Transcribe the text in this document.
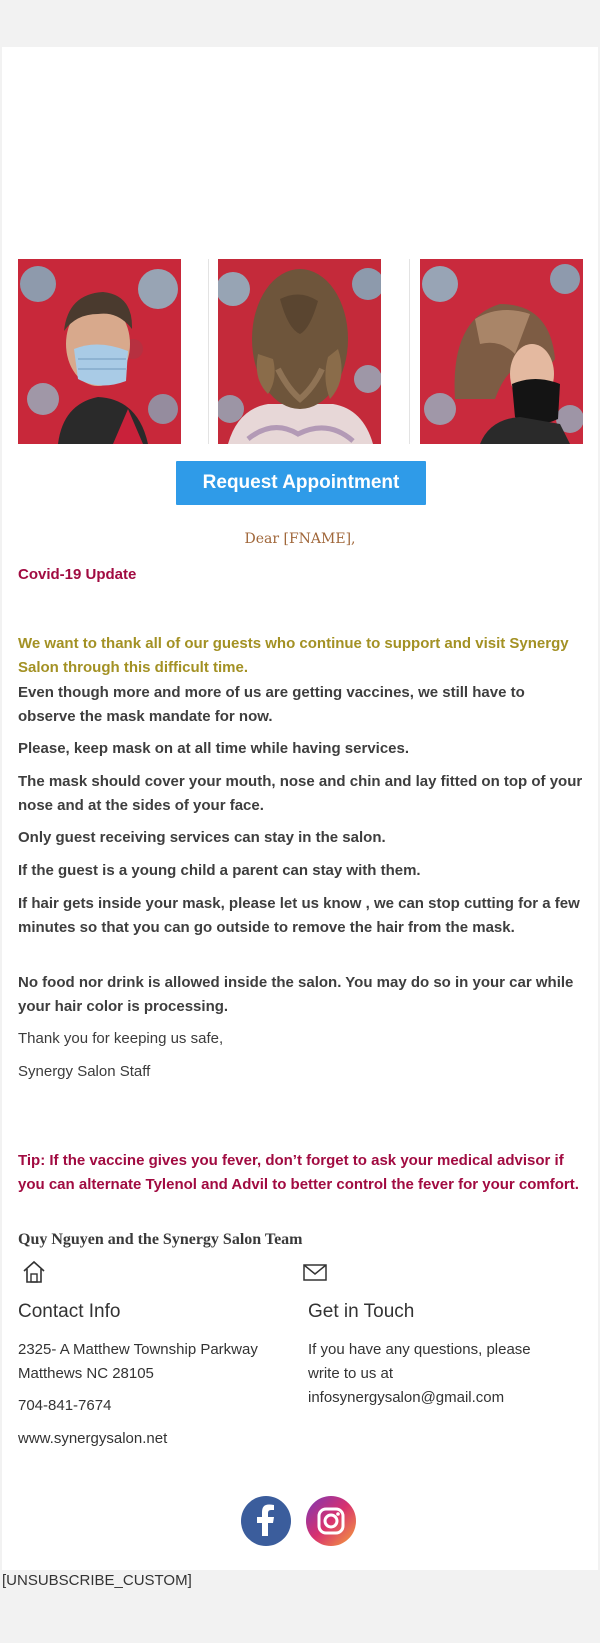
Request Appointment
Dear [FNAME],
Covid-19 Update
We want to thank all of our guests who continue to support and visit Synergy Salon through this difficult time.
Even though more and more of us are getting vaccines, we still have to observe the mask mandate for now.
Please, keep mask on at all time while having services.
The mask should cover your mouth, nose and chin and lay fitted on top of your nose and at the sides of your face.
Only guest receiving services can stay in the salon.
If the guest is a young child a parent can stay with them.
If hair gets inside your mask, please let us know , we can stop cutting for a few minutes so that you can go outside to remove the hair from the mask.
No food nor drink is allowed inside the salon. You may do so in your car while your hair color is processing.
Thank you for keeping us safe,
Synergy Salon Staff
Tip: If the vaccine gives you fever, don’t forget to ask your medical advisor if you can alternate Tylenol and Advil to better control the fever for your comfort.
Quy Nguyen and the Synergy Salon Team
Contact Info
2325- A Matthew Township Parkway
Matthews NC 28105
704-841-7674
www.synergysalon.net
Get in Touch
If you have any questions, please
write to us at
infosynergysalon@gmail.com
[UNSUBSCRIBE_CUSTOM]
